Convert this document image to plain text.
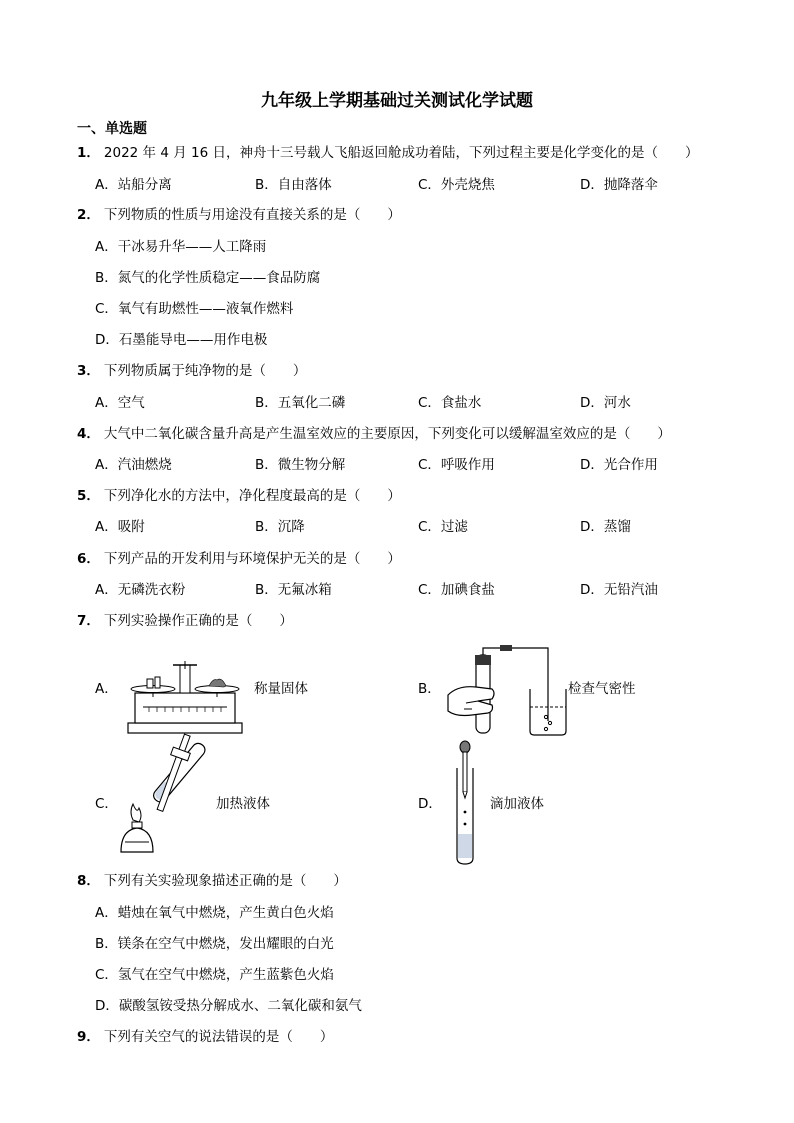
九年级上学期基础过关测试化学试题
一、单选题
1． 2022 年 4 月 16 日，神舟十三号载人飞船返回舱成功着陆，下列过程主要是化学变化的是（　　）
A．站船分离	B．自由落体	C．外壳烧焦	D．抛降落伞
2． 下列物质的性质与用途没有直接关系的是（　　）
A．干冰易升华——人工降雨
B．氮气的化学性质稳定——食品防腐
C．氧气有助燃性——液氧作燃料
D．石墨能导电——用作电极
3． 下列物质属于纯净物的是（　　）
A．空气	B．五氧化二磷	C．食盐水	D．河水
4． 大气中二氧化碳含量升高是产生温室效应的主要原因，下列变化可以缓解温室效应的是（　　）
A．汽油燃烧	B．微生物分解	C．呼吸作用	D．光合作用
5． 下列净化水的方法中，净化程度最高的是（　　）
A．吸附	B．沉降	C．过滤	D．蒸馏
6． 下列产品的开发利用与环境保护无关的是（　　）
A．无磷洗衣粉	B．无氟冰箱	C．加碘食盐	D．无铅汽油
7． 下列实验操作正确的是（　　）
A．	称量固体	B．	检查气密性
C．	加热液体	D．	滴加液体
8． 下列有关实验现象描述正确的是（　　）
A．蜡烛在氧气中燃烧，产生黄白色火焰
B．镁条在空气中燃烧，发出耀眼的白光
C．氢气在空气中燃烧，产生蓝紫色火焰
D．碳酸氢铵受热分解成水、二氧化碳和氨气
9． 下列有关空气的说法错误的是（　　）
